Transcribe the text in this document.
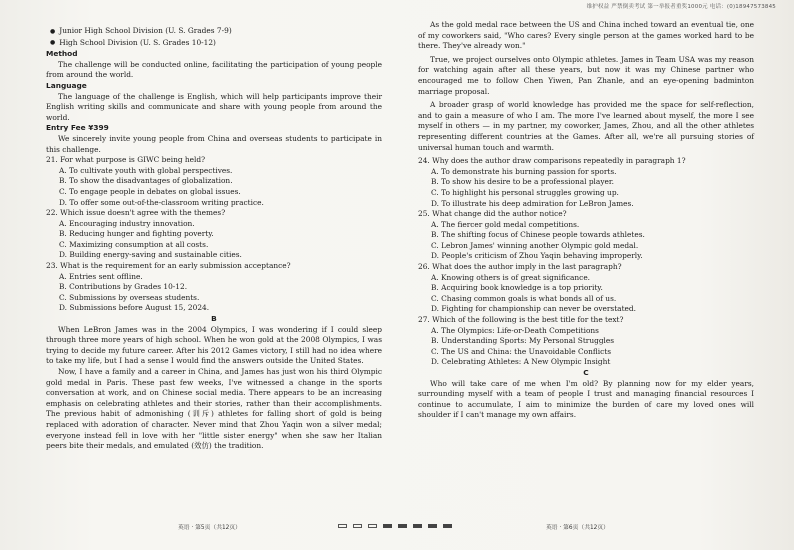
维护权益 严禁倒卖考试 第一举报者重奖1000元 电话：(0)18947573845

● Junior High School Division (U. S. Grades 7-9)

● High School Division (U. S. Grades 10-12)

Method

The challenge will be conducted online, facilitating the participation of young people from around the world.

Language

The language of the challenge is English, which will help participants improve their English writing skills and communicate and share with young people from around the world.

Entry Fee ¥399

We sincerely invite young people from China and overseas students to participate in this challenge.

21. For what purpose is GIWC being held?

A. To cultivate youth with global perspectives.

B. To show the disadvantages of globalization.

C. To engage people in debates on global issues.

D. To offer some out-of-the-classroom writing practice.

22. Which issue doesn't agree with the themes?

A. Encouraging industry innovation.

B. Reducing hunger and fighting poverty.

C. Maximizing consumption at all costs.

D. Building energy-saving and sustainable cities.

23. What is the requirement for an early submission acceptance?

A. Entries sent offline.

B. Contributions by Grades 10-12.

C. Submissions by overseas students.

D. Submissions before August 15, 2024.

B

When LeBron James was in the 2004 Olympics, I was wondering if I could sleep through three more years of high school. When he won gold at the 2008 Olympics, I was trying to decide my future career. After his 2012 Games victory, I still had no idea where to take my life, but I had a sense I would find the answers outside the United States.

Now, I have a family and a career in China, and James has just won his third Olympic gold medal in Paris. These past few weeks, I've witnessed a change in the sports conversation at work, and on Chinese social media. There appears to be an increasing emphasis on celebrating athletes and their stories, rather than their accomplishments. The previous habit of admonishing (训斥) athletes for falling short of gold is being replaced with adoration of character. Never mind that Zhou Yaqin won a silver medal; everyone instead fell in love with her "little sister energy" when she saw her Italian peers bite their medals, and emulated (效仿) the tradition.

As the gold medal race between the US and China inched toward an eventual tie, one of my coworkers said, "Who cares? Every single person at the games worked hard to be there. They've already won."

True, we project ourselves onto Olympic athletes. James in Team USA was my reason for watching again after all these years, but now it was my Chinese partner who encouraged me to follow Chen Yiwen, Pan Zhanle, and an eye-opening badminton marriage proposal.

A broader grasp of world knowledge has provided me the space for self-reflection, and to gain a measure of who I am. The more I've learned about myself, the more I see myself in others — in my partner, my coworker, James, Zhou, and all the other athletes representing different countries at the Games. After all, we're all pursuing stories of universal human touch and warmth.

24. Why does the author draw comparisons repeatedly in paragraph 1?

A. To demonstrate his burning passion for sports.

B. To show his desire to be a professional player.

C. To highlight his personal struggles growing up.

D. To illustrate his deep admiration for LeBron James.

25. What change did the author notice?

A. The fiercer gold medal competitions.

B. The shifting focus of Chinese people towards athletes.

C. Lebron James' winning another Olympic gold medal.

D. People's criticism of Zhou Yaqin behaving improperly.

26. What does the author imply in the last paragraph?

A. Knowing others is of great significance.

B. Acquiring book knowledge is a top priority.

C. Chasing common goals is what bonds all of us.

D. Fighting for championship can never be overstated.

27. Which of the following is the best title for the text?

A. The Olympics: Life-or-Death Competitions

B. Understanding Sports: My Personal Struggles

C. The US and China: the Unavoidable Conflicts

D. Celebrating Athletes: A New Olympic Insight

C

Who will take care of me when I'm old? By planning now for my elder years, surrounding myself with a team of people I trust and managing financial resources I continue to accumulate, I aim to minimize the burden of care my loved ones will shoulder if I can't manage my own affairs.

英语 · 第5页（共12页）	英语 · 第6页（共12页）
